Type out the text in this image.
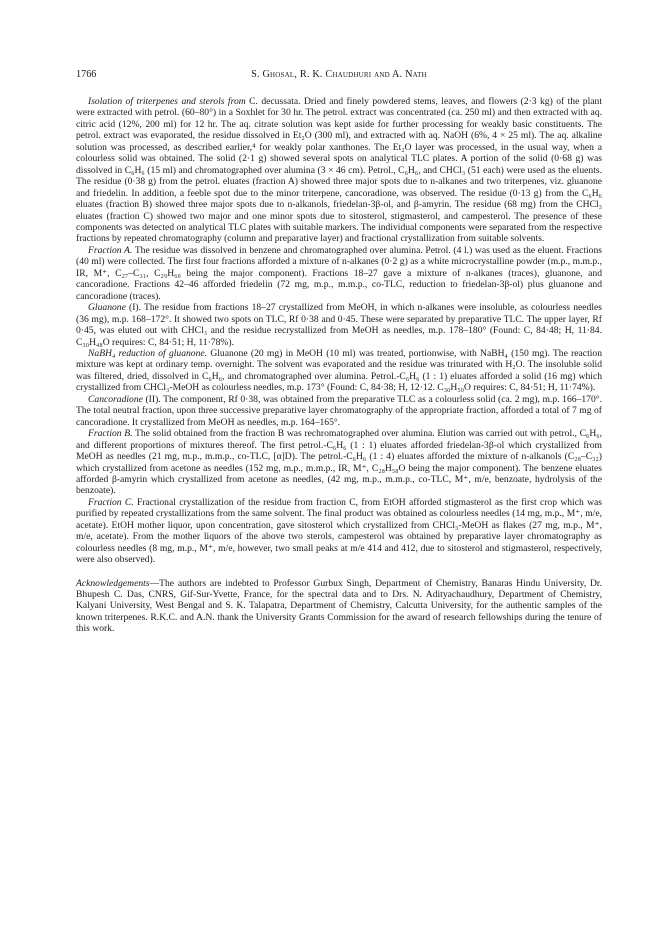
1766	S. Ghosal, R. K. Chaudhuri and A. Nath

Isolation of triterpenes and sterols from C. decussata. Dried and finely powdered stems, leaves, and flowers (2·3 kg) of the plant were extracted with petrol. (60–80°) in a Soxhlet for 30 hr. The petrol. extract was concentrated (ca. 250 ml) and then extracted with aq. citric acid (12%, 200 ml) for 12 hr. The aq. citrate solution was kept aside for further processing for weakly basic constituents. The petrol. extract was evaporated, the residue dissolved in Et₂O (300 ml), and extracted with aq. NaOH (6%, 4 × 25 ml). The aq. alkaline solution was processed, as described earlier,⁴ for weakly polar xanthones. The Et₂O layer was processed, in the usual way, when a colourless solid was obtained. The solid (2·1 g) showed several spots on analytical TLC plates. A portion of the solid (0·68 g) was dissolved in C₆H₆ (15 ml) and chromatographed over alumina (3 × 46 cm). Petrol., C₆H₆, and CHCl₃ (51 each) were used as the eluents. The residue (0·38 g) from the petrol. eluates (fraction A) showed three major spots due to n-alkanes and two triterpenes, viz. gluanone and friedelin. In addition, a feeble spot due to the minor triterpene, cancoradione, was observed. The residue (0·13 g) from the C₆H₆ eluates (fraction B) showed three major spots due to n-alkanols, friedelan-3β-ol, and β-amyrin. The residue (68 mg) from the CHCl₃ eluates (fraction C) showed two major and one minor spots due to sitosterol, stigmasterol, and campesterol. The presence of these components was detected on analytical TLC plates with suitable markers. The individual components were separated from the respective fractions by repeated chromatography (column and preparative layer) and fractional crystallization from suitable solvents.

Fraction A. The residue was dissolved in benzene and chromatographed over alumina. Petrol. (4 l.) was used as the eluent. Fractions (40 ml) were collected. The first four fractions afforded a mixture of n-alkanes (0·2 g) as a white microcrystalline powder (m.p., m.m.p., IR, M⁺, C₂₇–C₃₁, C₂₉H₆₀ being the major component). Fractions 18–27 gave a mixture of n-alkanes (traces), gluanone, and cancoradione. Fractions 42–46 afforded friedelin (72 mg, m.p., m.m.p., co-TLC, reduction to friedelan-3β-ol) plus gluanone and cancoradione (traces).

Gluanone (I). The residue from fractions 18–27 crystallized from MeOH, in which n-alkanes were insoluble, as colourless needles (36 mg), m.p. 168–172°. It showed two spots on TLC, Rf 0·38 and 0·45. These were separated by preparative TLC. The upper layer, Rf 0·45, was eluted out with CHCl₃ and the residue recrystallized from MeOH as needles, m.p. 178–180° (Found: C, 84·48; H, 11·84. C₃₀H₄₈O requires: C, 84·51; H, 11·78%).

NaBH₄ reduction of gluanone. Gluanone (20 mg) in MeOH (10 ml) was treated, portionwise, with NaBH₄ (150 mg). The reaction mixture was kept at ordinary temp. overnight. The solvent was evaporated and the residue was triturated with H₂O. The insoluble solid was filtered, dried, dissolved in C₆H₆, and chromatographed over alumina. Petrol.-C₆H₆ (1 : 1) eluates afforded a solid (16 mg) which crystallized from CHCl₃-MeOH as colourless needles, m.p. 173° (Found: C, 84·38; H, 12·12. C₃₀H₅₀O requires: C, 84·51; H, 11·74%).

Cancoradione (II). The component, Rf 0·38, was obtained from the preparative TLC as a colourless solid (ca. 2 mg), m.p. 166–170°. The total neutral fraction, upon three successive preparative layer chromatography of the appropriate fraction, afforded a total of 7 mg of cancoradione. It crystallized from MeOH as needles, m.p. 164–165°.

Fraction B. The solid obtained from the fraction B was rechromatographed over alumina. Elution was carried out with petrol., C₆H₆, and different proportions of mixtures thereof. The first petrol.-C₆H₆ (1 : 1) eluates afforded friedelan-3β-ol which crystallized from MeOH as needles (21 mg, m.p., m.m.p., co-TLC, [α]D). The petrol.-C₆H₆ (1 : 4) eluates afforded the mixture of n-alkanols (C₂₈–C₃₂) which crystallized from acetone as needles (152 mg, m.p., m.m.p., IR, M⁺, C₂₈H₅₈O being the major component). The benzene eluates afforded β-amyrin which crystallized from acetone as needles, (42 mg, m.p., m.m.p., co-TLC, M⁺, m/e, benzoate, hydrolysis of the benzoate).

Fraction C. Fractional crystallization of the residue from fraction C, from EtOH afforded stigmasterol as the first crop which was purified by repeated crystallizations from the same solvent. The final product was obtained as colourless needles (14 mg, m.p., M⁺, m/e, acetate). EtOH mother liquor, upon concentration, gave sitosterol which crystallized from CHCl₃-MeOH as flakes (27 mg, m.p., M⁺, m/e, acetate). From the mother liquors of the above two sterols, campesterol was obtained by preparative layer chromatography as colourless needles (8 mg, m.p., M⁺, m/e, however, two small peaks at m/e 414 and 412, due to sitosterol and stigmasterol, respectively, were also observed).

Acknowledgements—The authors are indebted to Professor Gurbux Singh, Department of Chemistry, Banaras Hindu University, Dr. Bhupesh C. Das, CNRS, Gif-Sur-Yvette, France, for the spectral data and to Drs. N. Adityachaudhury, Department of Chemistry, Kalyani University, West Bengal and S. K. Talapatra, Department of Chemistry, Calcutta University, for the authentic samples of the known triterpenes. R.K.C. and A.N. thank the University Grants Commission for the award of research fellowships during the tenure of this work.
